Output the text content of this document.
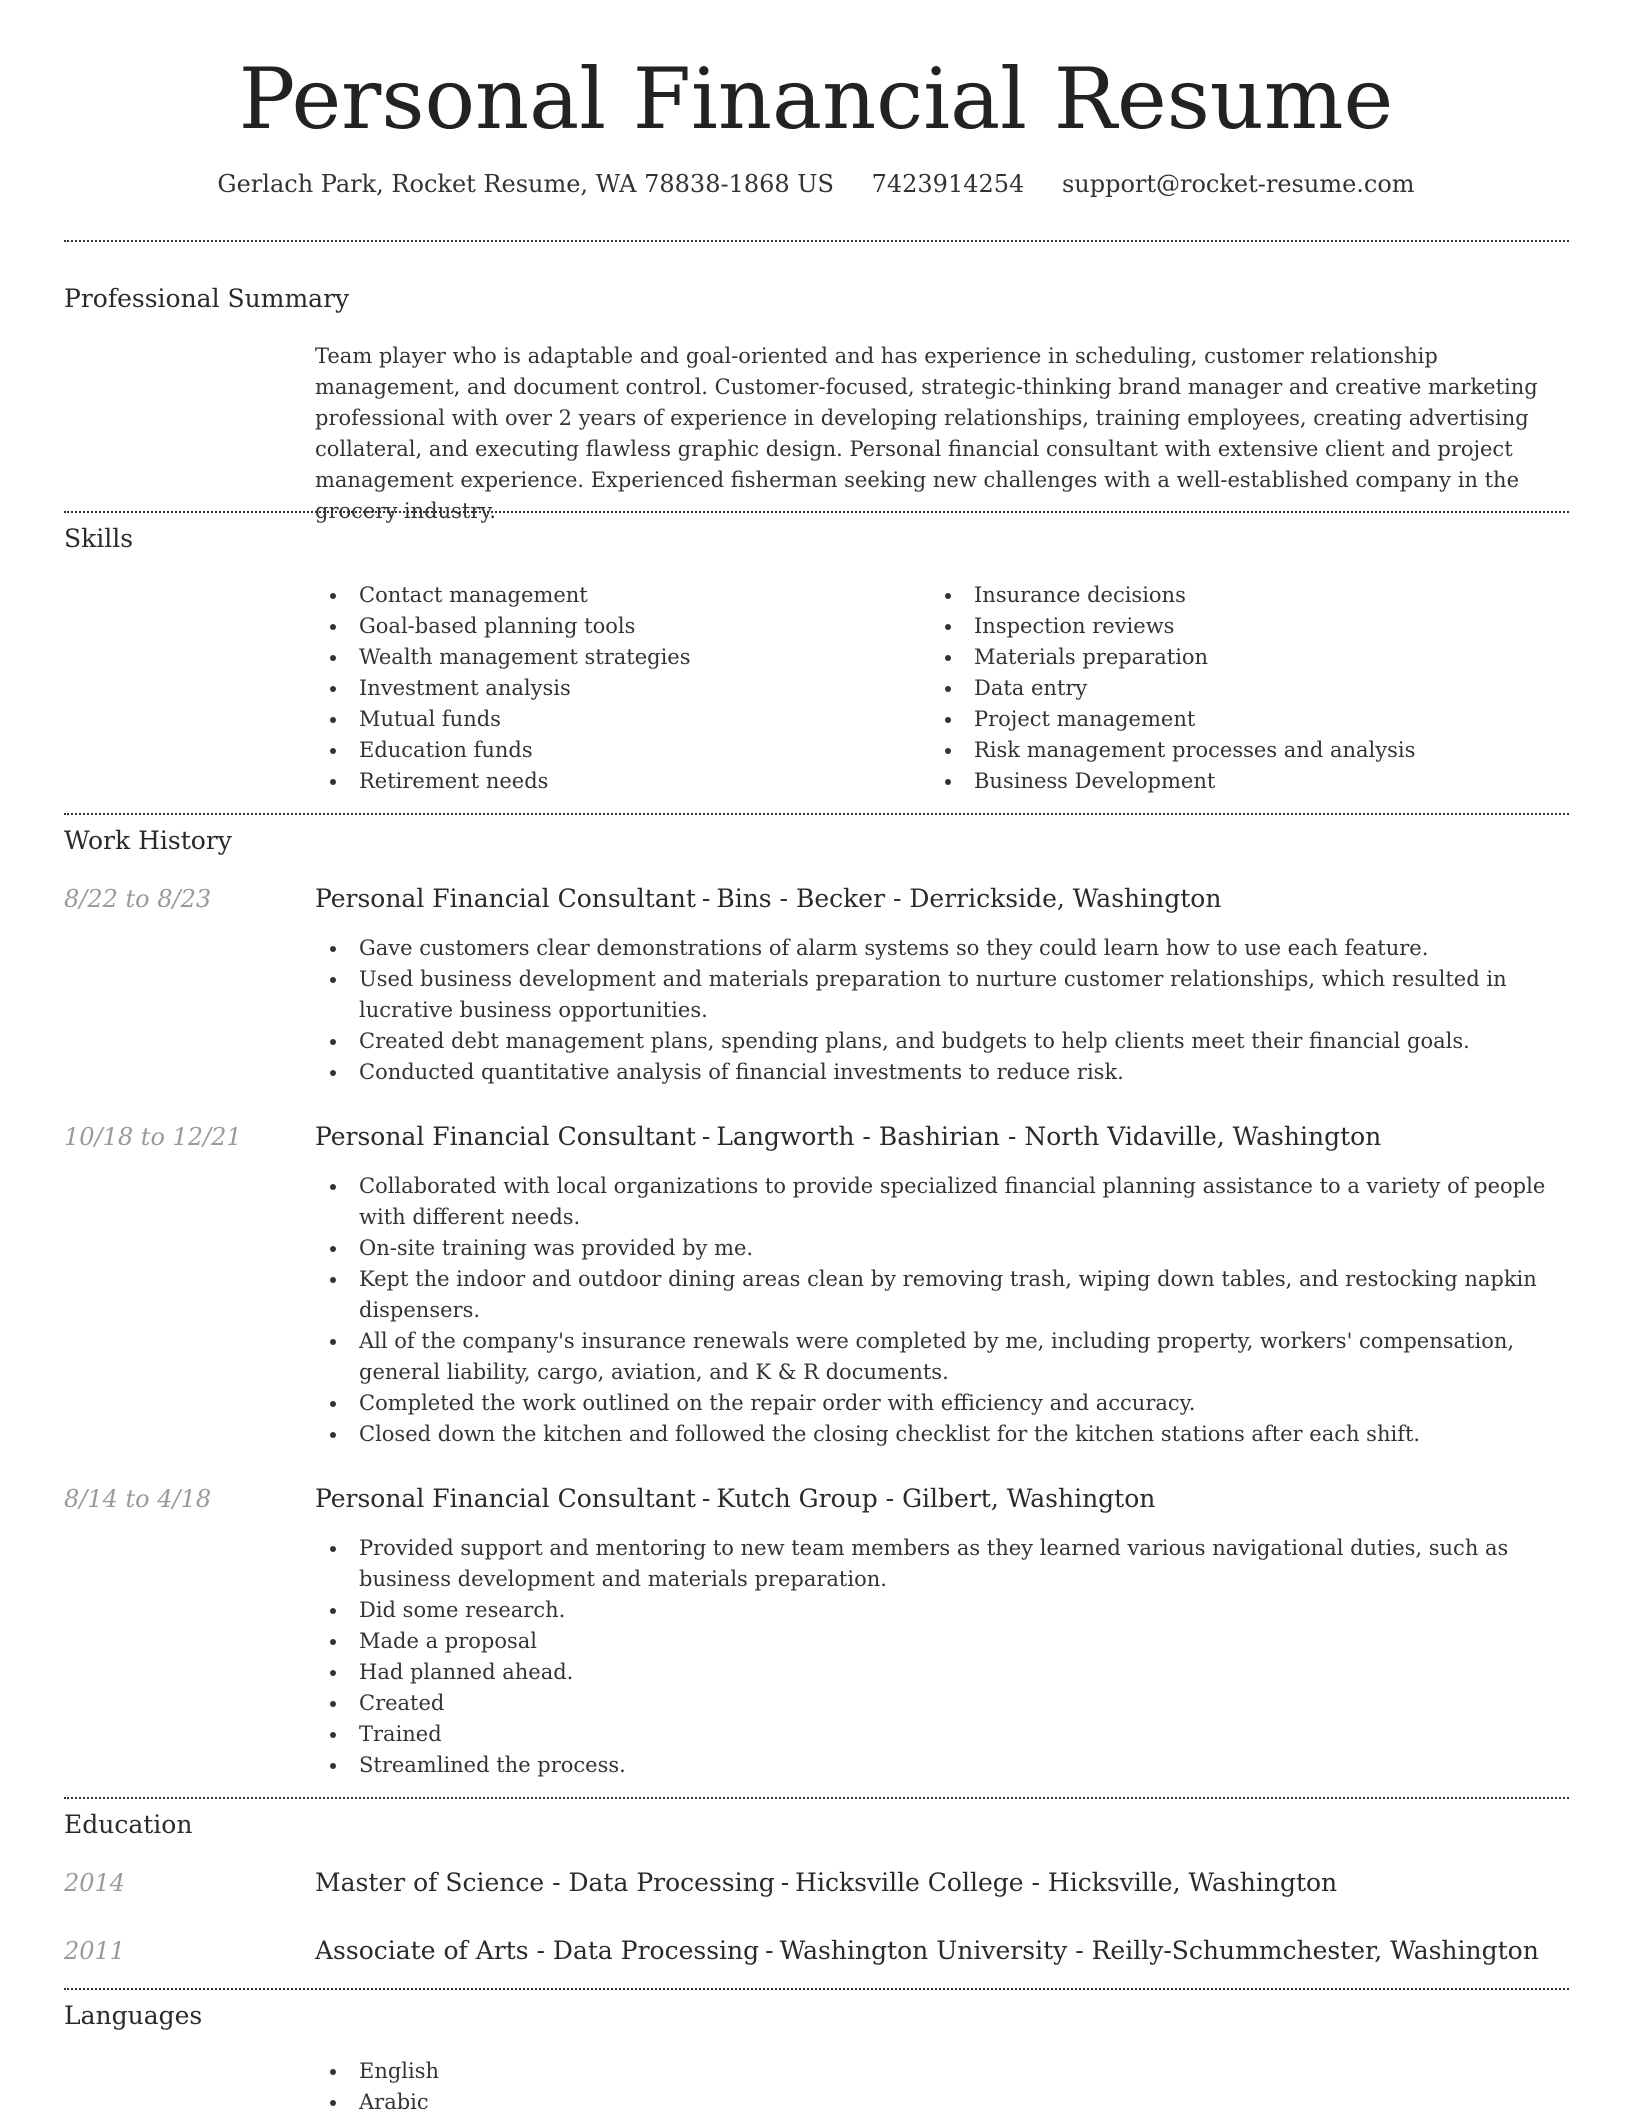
Personal Financial Resume
Gerlach Park, Rocket Resume, WA 78838-1868 US 7423914254 support@rocket-resume.com
Professional Summary
Team player who is adaptable and goal-oriented and has experience in scheduling, customer relationship management, and document control. Customer-focused, strategic-thinking brand manager and creative marketing professional with over 2 years of experience in developing relationships, training employees, creating advertising collateral, and executing flawless graphic design. Personal financial consultant with extensive client and project management experience. Experienced fisherman seeking new challenges with a well-established company in the grocery industry.
Skills
Contact management
Goal-based planning tools
Wealth management strategies
Investment analysis
Mutual funds
Education funds
Retirement needs
Insurance decisions
Inspection reviews
Materials preparation
Data entry
Project management
Risk management processes and analysis
Business Development
Work History
8/22 to 8/23	Personal Financial Consultant - Bins - Becker - Derrickside, Washington
Gave customers clear demonstrations of alarm systems so they could learn how to use each feature.
Used business development and materials preparation to nurture customer relationships, which resulted in lucrative business opportunities.
Created debt management plans, spending plans, and budgets to help clients meet their financial goals.
Conducted quantitative analysis of financial investments to reduce risk.
10/18 to 12/21	Personal Financial Consultant - Langworth - Bashirian - North Vidaville, Washington
Collaborated with local organizations to provide specialized financial planning assistance to a variety of people with different needs.
On-site training was provided by me.
Kept the indoor and outdoor dining areas clean by removing trash, wiping down tables, and restocking napkin dispensers.
All of the company's insurance renewals were completed by me, including property, workers' compensation, general liability, cargo, aviation, and K & R documents.
Completed the work outlined on the repair order with efficiency and accuracy.
Closed down the kitchen and followed the closing checklist for the kitchen stations after each shift.
8/14 to 4/18	Personal Financial Consultant - Kutch Group - Gilbert, Washington
Provided support and mentoring to new team members as they learned various navigational duties, such as business development and materials preparation.
Did some research.
Made a proposal
Had planned ahead.
Created
Trained
Streamlined the process.
Education
2014	Master of Science - Data Processing - Hicksville College - Hicksville, Washington
2011	Associate of Arts - Data Processing - Washington University - Reilly-Schummchester, Washington
Languages
English
Arabic
